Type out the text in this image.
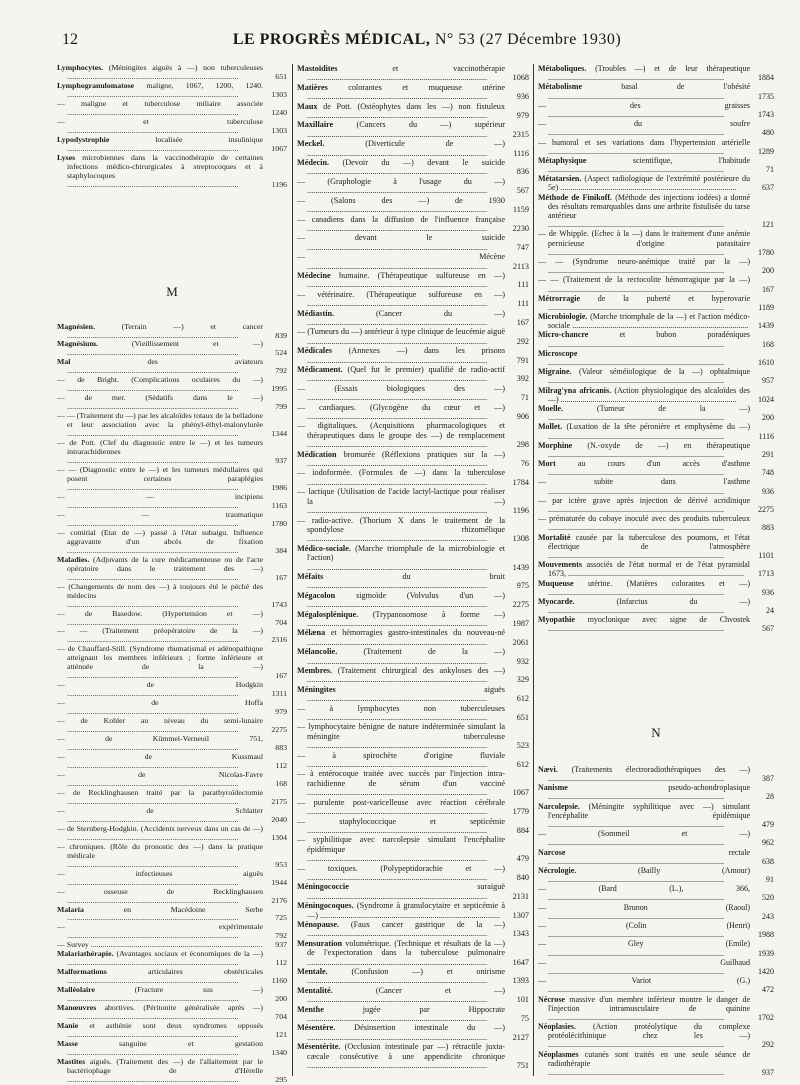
12	LE PROGRÈS MÉDICAL, N° 53 (27 Décembre 1930)
Lymphocytes. (Méningites aiguës à —) non tuberculeuses ........................................................................................	651
Lymphogranulomatose maligne, 1067, 1200, 1240. ........................................................................................	1303
— maligne et tuberculose miliaire associée ........................................................................................	1240
— et tuberculose ........................................................................................	1303
Lypodystrophie	localisée insulinique ........................................................................................	1067
Lyses microbiennes dans la vaccinothérapie de certaines infections médico-chirurgicales à streptocoques et à staphylocoques ........................................................................................	1196
M
Magnésien.	(Terrain —) et cancer ........................................................................................	839
Magnésium.	(Vieillissement et —) ........................................................................................	524
Mal	des aviateurs ........................................................................................	792
— de Bright. (Complications oculaires du —) ........................................................................................	1995
— de mer. (Sédatifs dans le —) ........................................................................................	799
— — (Traitement du —) par les alcaloïdes totaux de la belladone et leur association avec la phényl-éthyl-malonylurée ........................................................................................	1344
— de Pott. (Clef du diagnostic entre le —) et les tumeurs intrarachidiennes ........................................................................................	937
— — (Diagnostic entre le —) et les tumeurs médullaires qui posent certaines paraplégies ........................................................................................	1986
— — incipiens ........................................................................................	1163
— — traumatique ........................................................................................	1780
— comitial (Etat de —) passé à l'état subaigu. Influence aggravante d'un abcès de fixation ........................................................................................	384
Maladies. (Adjuvants de la cure médicamenteuse ou de l'acte opératoire dans le traitement des —) ........................................................................................	167
— (Changements de nom des —) à toujours été le péché des médecins ........................................................................................	1743
— de Basedow. (Hypertension et —) ........................................................................................	704
— — (Traitement préopératoire de la —) ........................................................................................	2316
— de Chauffard-Still. (Syndrome rhumatismal et adénopathique atteignant les membres inférieurs ; forme inférieure et atténuée de la —) ........................................................................................	167
— de Hodgkin ........................................................................................	1311
— de Hoffa ........................................................................................	979
— de Kohler au niveau du semi-lunaire ........................................................................................	2275
— de Kümmel-Verneuil 751, ........................................................................................	883
— de Kussmaul ........................................................................................	112
— de Nicolas-Favre ........................................................................................	168
— de Recklinghausen traité par la parathyroïdectomie ........................................................................................	2175
— de Schlatter ........................................................................................	2040
— de Sternberg-Hodgkin. (Accidents nerveux dans un cas de —) ........................................................................................	1304
— chroniques. (Rôle du pronostic des —) dans la pratique médicale ........................................................................................	953
— infectieuses aiguës ........................................................................................	1944
— osseuse de Recklinghausen ........................................................................................	2176
Malaria	en Macédoine Serbe ........................................................................................	725
— expérimentale ........................................................................................	792
— Survey ........................................................................................	937
Malariathérapie. (Avantages sociaux et économiques de la —) ........................................................................................	112
Malformations	articulaires obstétricales ........................................................................................	1160
Malléolaire	(Fracture sus —) ........................................................................................	200
Manœuvres abortives. (Péritonite généralisée après —) ........................................................................................	704
Manie et asthénie sont deux syndromes opposés ........................................................................................	121
Masse	sanguine et gestation ........................................................................................	1340
Mastites aiguës. (Traitement des —) de l'allaitement par le bactériophage de d'Hérelle ........................................................................................	295
Mastoïdites	et vaccinothérapie ........................................................................................	1068
Matières colorantes et muqueuse utérine ........................................................................................	936
Maux de Pott. (Ostéophytes dans les —) non fistuleux ........................................................................................	979
Maxillaire	(Cancers du —) supérieur ........................................................................................	2315
Meckel.	(Diverticule de —) ........................................................................................	1116
Médecin. (Devoir du —) devant le suicide ........................................................................................	836
— (Graphologie à l'usage du —) ........................................................................................	567
— (Salons des —) de 1930 ........................................................................................	1159
— canadiens dans la diffusion de l'influence française ........................................................................................	2230
— devant le suicide ........................................................................................	747
— Mécène ........................................................................................	2113
Médecine humaine. (Thérapeutique sulfureuse en —) ........................................................................................	111
— vétérinaire. (Thérapeutique sulfureuse en —) ........................................................................................	111
Médiastin.	(Cancer du —) ........................................................................................	167
— (Tumeurs du —) antérieur à type clinique de leucémie aiguë ........................................................................................	292
Médicales (Annexes —) dans les prisons ........................................................................................	791
Médicament. (Quel fut le premier) qualifié de radio-actif ........................................................................................	392
— (Essais biologiques des —) ........................................................................................	71
— cardiaques. (Glycogène du cœur et —) ........................................................................................	906
— digitaliques. (Acquisitions pharmacologiques et thérapeutiques dans le groupe des —) de remplacement ........................................................................................	298
Médication bromurée (Réflexions pratiques sur la —) ........................................................................................	76
— iodoformée. (Formules de —) dans la tuberculose ........................................................................................	1784
— lactique (Utilisation de l'acide lactyl-lactique pour réaliser la —) ........................................................................................	1196
— radio-active. (Thorium X dans le traitement de la spondylose rhizomélique ........................................................................................	1308
Médico-sociale. (Marche triomphale de la microbiologie et l'action) ........................................................................................	1439
Méfaits	du bruit ........................................................................................	975
Mégacolon	sigmoïde (Volvulus d'un —) ........................................................................................	2275
Mégalosplénique. (Trypanosomose à forme —) ........................................................................................	1987
Mélæna et hémorragies gastro-intestinales du nouveau-né ........................................................................................	2061
Mélancolie.	(Traitement de la —) ........................................................................................	932
Membres. (Traitement chirurgical des ankyloses des —) ........................................................................................	329
Méningites	aiguës ........................................................................................	612
— à lymphocytes non tuberculeuses ........................................................................................	651
— lymphocytaire bénigne de nature indéterminée simulant la méningite tuberculeuse ........................................................................................	523
— à spirochète d'origine fluviale ........................................................................................	612
— à entérocoque traitée avec succès par l'injection intra-rachidienne de sérum d'un vacciné ........................................................................................	1067
— purulente post-varicelleuse avec réaction cérébrale ........................................................................................	1779
— staphylococcique et septicémie ........................................................................................	884
— syphilitique avec narcolepsie simulant l'encéphalite épidémique ........................................................................................	479
— toxiques. (Polypeptidorachie et —) ........................................................................................	840
Méningococcie	suraiguë ........................................................................................	2131
Méningocoques. (Syndrome à granulocytaire et septicémie à —) ........................................................................................	1307
Ménopause. (Faux cancer gastrique de la —) ........................................................................................	1343
Mensuration volumétrique. (Technique et résultats de la —) de l'expectoration dans la tuberculose pulmonaire ........................................................................................	1647
Mentale.	(Confusion —) et onirisme ........................................................................................	1393
Mentalité.	(Cancer et —) ........................................................................................	101
Menthe	jugée par Hippocrate ........................................................................................	75
Mésentère. Désinsertion intestinale du —) ........................................................................................	2127
Mésentérite. (Occlusion intestinale par —) rétractile juxta-cæcale consécutive à une appendicite chronique ........................................................................................	751
Métaboliques. (Troubles —) et de leur thérapeutique ........................................................................................	1884
Métabolisme	basal de l'obésité ........................................................................................	1735
— des graisses ........................................................................................	1743
— du soufre ........................................................................................	480
— humoral et ses variations dans l'hypertension artérielle ........................................................................................	1289
Métaphysique	scientifique, l'habitude ........................................................................................	71
Métatarsien. (Aspect radiologique de l'extrémité postérieure du 5e) ........................................................................................	637
Méthode de Finikoff. (Méthode des injections iodées) a donné des résultats remarquables dans une arthrite fistulisée du tarse antérieur ........................................................................................	121
— de Whipple. (Echec à la —) dans le traitement d'une anémie pernicieuse d'origine parasitaire ........................................................................................	1780
— — (Syndrome neuro-anémique traité par la —) ........................................................................................	200
— — (Traitement de la rectocolite hémorragique par la —) ........................................................................................	167
Métrorragie de la puberté et hyperovarie ........................................................................................	1189
Microbiologie. (Marche triomphale de la —) et l'action médico-sociale ........................................................................................	1439
Micro-chancre	et bubon poradéniques ........................................................................................	168
Microscope ........................................................................................	1610
Migraine. (Valeur séméiologique de la —) ophtalmique ........................................................................................	957
Milrag'yna africanis. (Action physiologique des alcaloïdes des —) ........................................................................................	1024
Moelle.	(Tumeur de la —) ........................................................................................	200
Mollet. (Luxation de la tête péronière et emphysème du —) ........................................................................................	1116
Morphine (N.-oxyde de —) en thérapeutique ........................................................................................	291
Mort	au cours d'un accès d'asthme ........................................................................................	748
— subite dans l'asthme ........................................................................................	936
— par ictère grave après injection de dérivé acridinique ........................................................................................	2275
— prématurée du cobaye inoculé avec des produits tuberculeux ........................................................................................	883
Mortalité causée par la tuberculose des poumons, et l'état électrique de l'atmosphère ........................................................................................	1101
Mouvements associés de l'état normal et de l'état pyramidal 1673, ........................................................................................	1713
Muqueuse utérine. (Matières colorantes et —) ........................................................................................	936
Myocarde.	(Infarctus du —) ........................................................................................	24
Myopathie myoclonique avec signe de Chvostek ........................................................................................	567
N
Nævi. (Traitements électroradiothérapiques des —) ........................................................................................	387
Nanisme	pseudo-achondroplasique ........................................................................................	28
Narcolepsie. (Méningite syphilitique avec —) simulant l'encéphalite épidémique ........................................................................................	479
— (Sommeil et —) ........................................................................................	962
Narcose	rectale ........................................................................................	638
Nécrologie.	(Bailly (Amour) ........................................................................................	91
— (Bard (L.), 366, ........................................................................................	520
— Brunon (Raoul) ........................................................................................	243
— (Colin (Henri) ........................................................................................	1988
— Gley (Emile) ........................................................................................	1939
— Guilhaud ........................................................................................	1420
— Variot (G.) ........................................................................................	472
Nécrose massive d'un membre inférieur montre le danger de l'injection intramusculaire de quinine ........................................................................................	1702
Néoplasies. (Action protéolytique du complexe protéolécithinique chez les —) ........................................................................................	292
Néoplasmes cutanés sont traités en une seule séance de radiothérapie ........................................................................................	937
